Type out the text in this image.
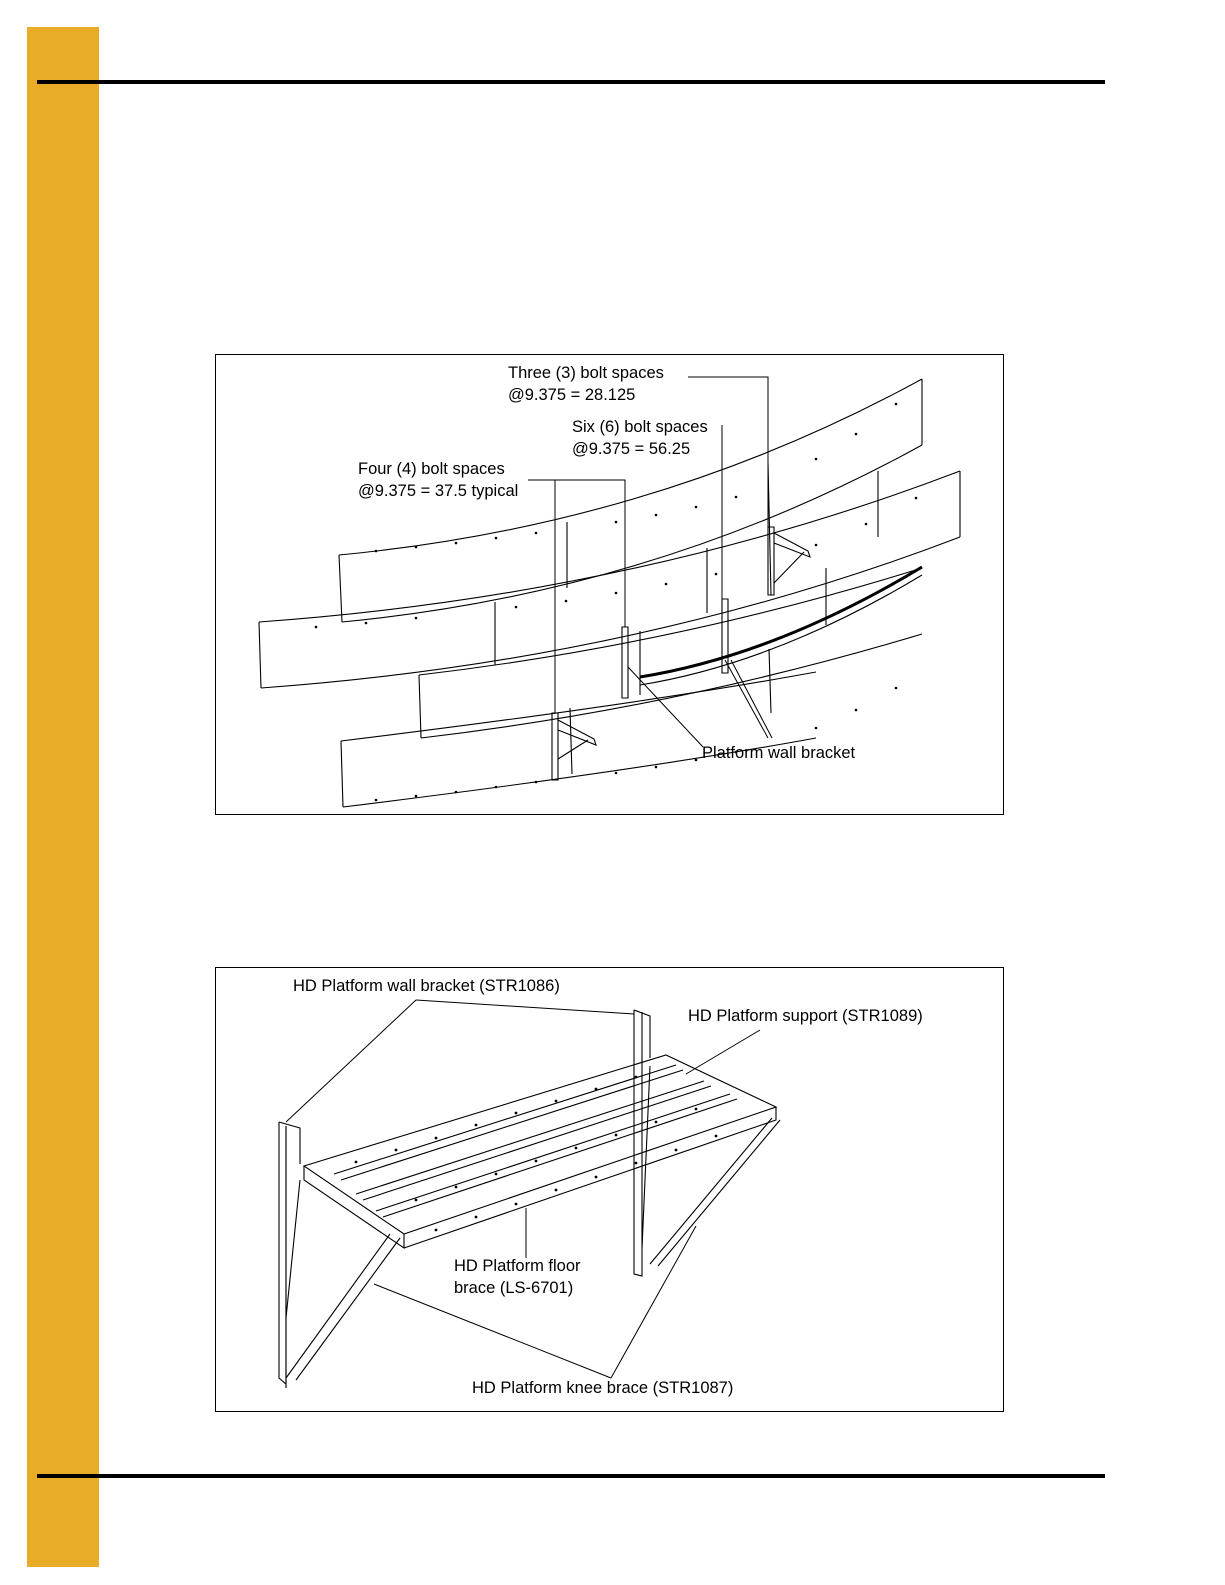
Three (3) bolt spaces

@9.375 = 28.125

Six (6) bolt spaces

@9.375 = 56.25

Four (4) bolt spaces

@9.375 = 37.5 typical

Platform wall bracket

HD Platform wall bracket (STR1086)

HD Platform support (STR1089)

HD Platform floor

brace (LS-6701)

HD Platform knee brace (STR1087)
